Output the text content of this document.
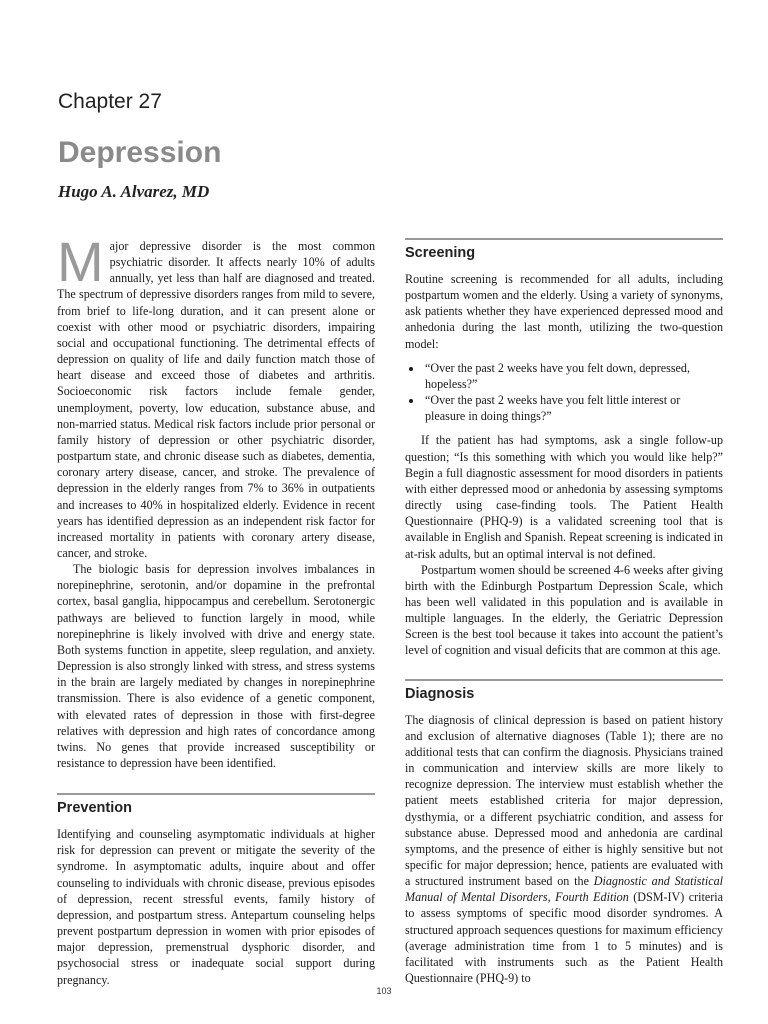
Chapter 27
Depression
Hugo A. Alvarez, MD

Major depressive disorder is the most common psychiatric disorder. It affects nearly 10% of adults annually, yet less than half are diagnosed and treated. The spectrum of depressive disorders ranges from mild to severe, from brief to life-long duration, and it can present alone or coexist with other mood or psychiatric disorders, impairing social and occupational functioning. The detrimental effects of depression on quality of life and daily function match those of heart disease and exceed those of diabetes and arthritis. Socioeconomic risk factors include female gender, unemployment, poverty, low education, substance abuse, and non-married status. Medical risk factors include prior personal or family history of depression or other psychiatric disorder, postpartum state, and chronic disease such as diabetes, dementia, coronary artery disease, cancer, and stroke. The prevalence of depression in the elderly ranges from 7% to 36% in outpatients and increases to 40% in hospitalized elderly. Evidence in recent years has identified depression as an independent risk factor for increased mortality in patients with coronary artery disease, cancer, and stroke.

The biologic basis for depression involves imbalances in norepinephrine, serotonin, and/or dopamine in the prefrontal cortex, basal ganglia, hippocampus and cerebellum. Serotonergic pathways are believed to function largely in mood, while norepinephrine is likely involved with drive and energy state. Both systems function in appetite, sleep regulation, and anxiety. Depression is also strongly linked with stress, and stress systems in the brain are largely mediated by changes in norepinephrine transmission. There is also evidence of a genetic component, with elevated rates of depression in those with first-degree relatives with depression and high rates of concordance among twins. No genes that provide increased susceptibility or resistance to depression have been identified.

Prevention

Identifying and counseling asymptomatic individuals at higher risk for depression can prevent or mitigate the severity of the syndrome. In asymptomatic adults, inquire about and offer counseling to individuals with chronic disease, previous episodes of depression, recent stressful events, family history of depression, and postpartum stress. Antepartum counseling helps prevent postpartum depression in women with prior episodes of major depression, premenstrual dysphoric disorder, and psychosocial stress or inadequate social support during pregnancy.

Screening

Routine screening is recommended for all adults, including postpartum women and the elderly. Using a variety of synonyms, ask patients whether they have experienced depressed mood and anhedonia during the last month, utilizing the two-question model:

• “Over the past 2 weeks have you felt down, depressed, hopeless?”
• “Over the past 2 weeks have you felt little interest or pleasure in doing things?”

If the patient has had symptoms, ask a single follow-up question; “Is this something with which you would like help?” Begin a full diagnostic assessment for mood disorders in patients with either depressed mood or anhedonia by assessing symptoms directly using case-finding tools. The Patient Health Questionnaire (PHQ-9) is a validated screening tool that is available in English and Spanish. Repeat screening is indicated in at-risk adults, but an optimal interval is not defined.

Postpartum women should be screened 4-6 weeks after giving birth with the Edinburgh Postpartum Depression Scale, which has been well validated in this population and is available in multiple languages. In the elderly, the Geriatric Depression Screen is the best tool because it takes into account the patient’s level of cognition and visual deficits that are common at this age.

Diagnosis

The diagnosis of clinical depression is based on patient history and exclusion of alternative diagnoses (Table 1); there are no additional tests that can confirm the diagnosis. Physicians trained in communication and interview skills are more likely to recognize depression. The interview must establish whether the patient meets established criteria for major depression, dysthymia, or a different psychiatric condition, and assess for substance abuse. Depressed mood and anhedonia are cardinal symptoms, and the presence of either is highly sensitive but not specific for major depression; hence, patients are evaluated with a structured instrument based on the Diagnostic and Statistical Manual of Mental Disorders, Fourth Edition (DSM-IV) criteria to assess symptoms of specific mood disorder syndromes. A structured approach sequences questions for maximum efficiency (average administration time from 1 to 5 minutes) and is facilitated with instruments such as the Patient Health Questionnaire (PHQ-9) to

103
